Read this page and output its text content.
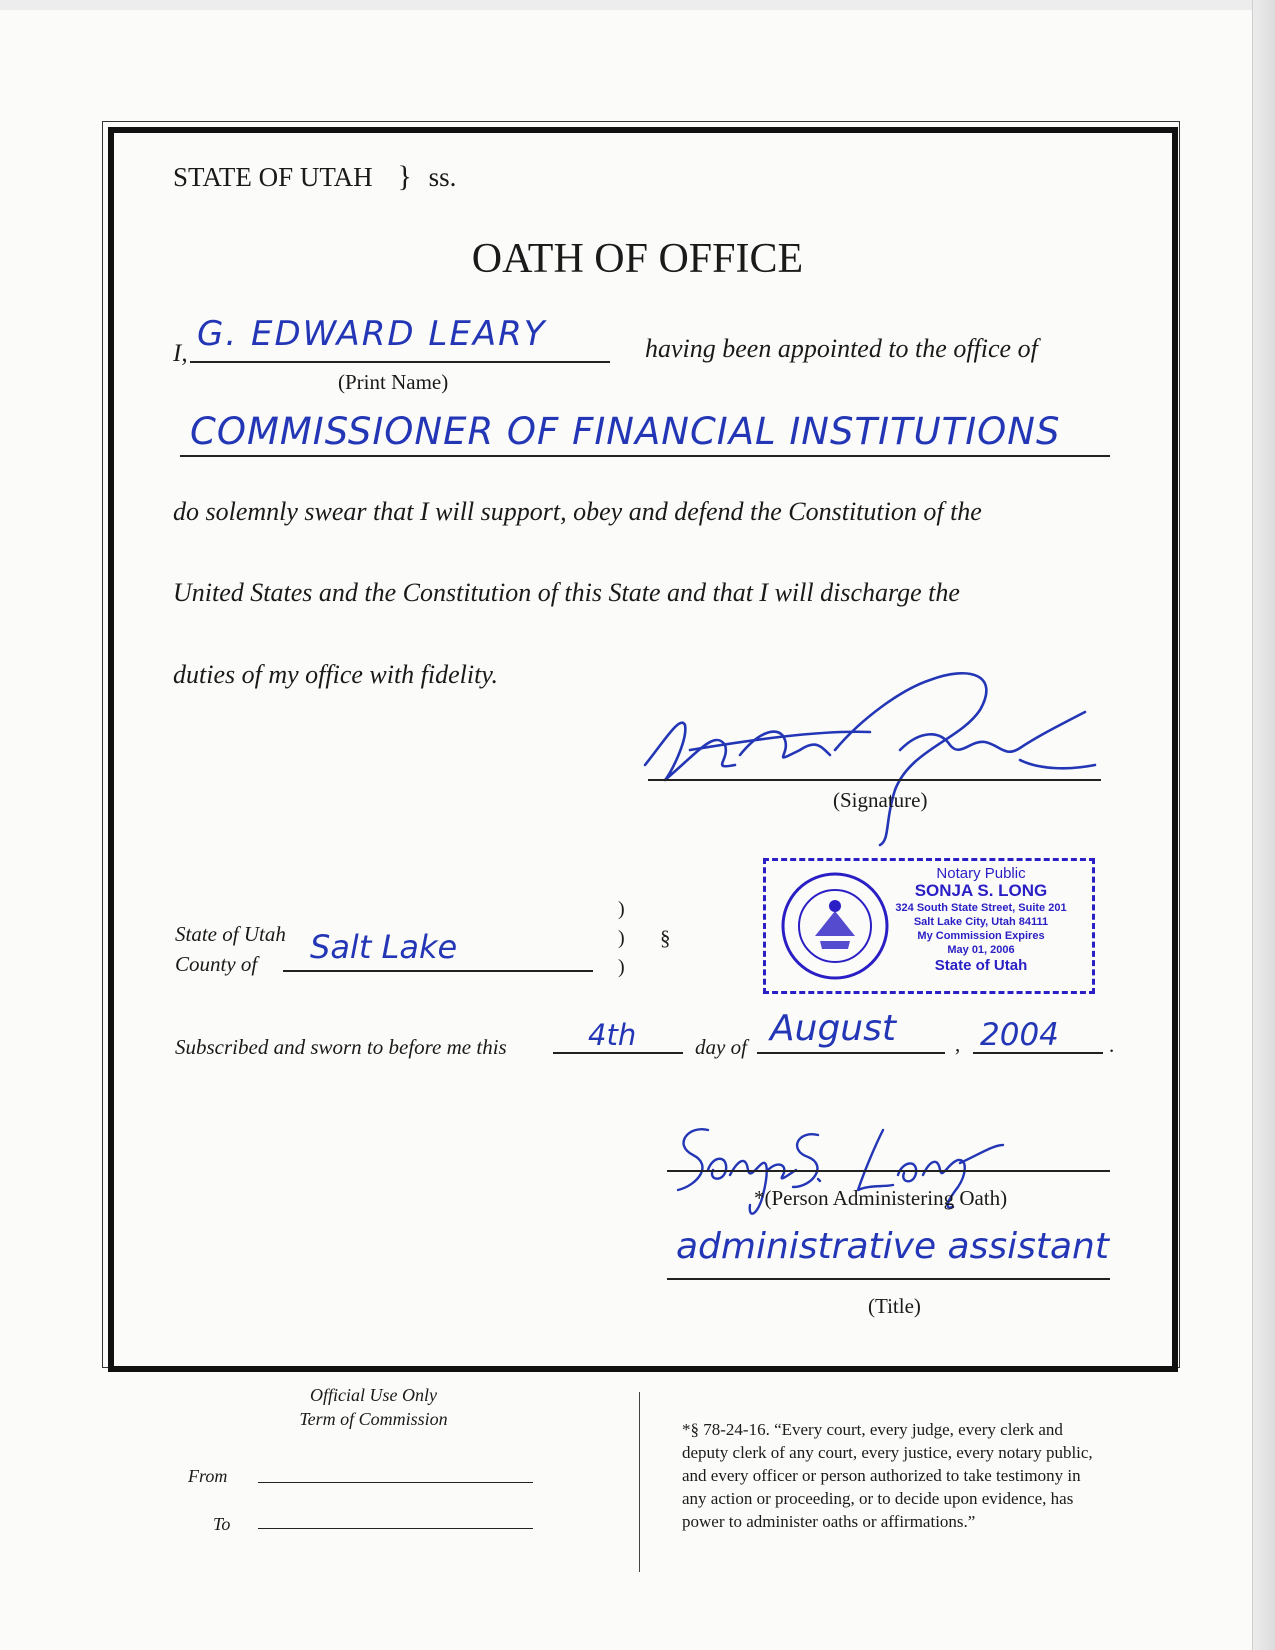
STATE OF UTAH } ss.
OATH OF OFFICE
I, G. EDWARD LEARY
(Print Name)
having been appointed to the office of
COMMISSIONER OF FINANCIAL INSTITUTIONS
do solemnly swear that I will support, obey and defend the Constitution of the
United States and the Constitution of this State and that I will discharge the
duties of my office with fidelity.
(Signature)
Notary Public
SONJA S. LONG
324 South State Street, Suite 201
Salt Lake City, Utah 84111
My Commission Expires
May 01, 2006
State of Utah
State of Utah
County of Salt Lake
)
)
)
§
Subscribed and sworn to before me this	4th	day of August	, 2004 .
*(Person Administering Oath)
administrative assistant
(Title)
Official Use Only
Term of Commission
From
To
*§ 78-24-16. “Every court, every judge, every clerk and
deputy clerk of any court, every justice, every notary public,
and every officer or person authorized to take testimony in
any action or proceeding, or to decide upon evidence, has
power to administer oaths or affirmations.”
